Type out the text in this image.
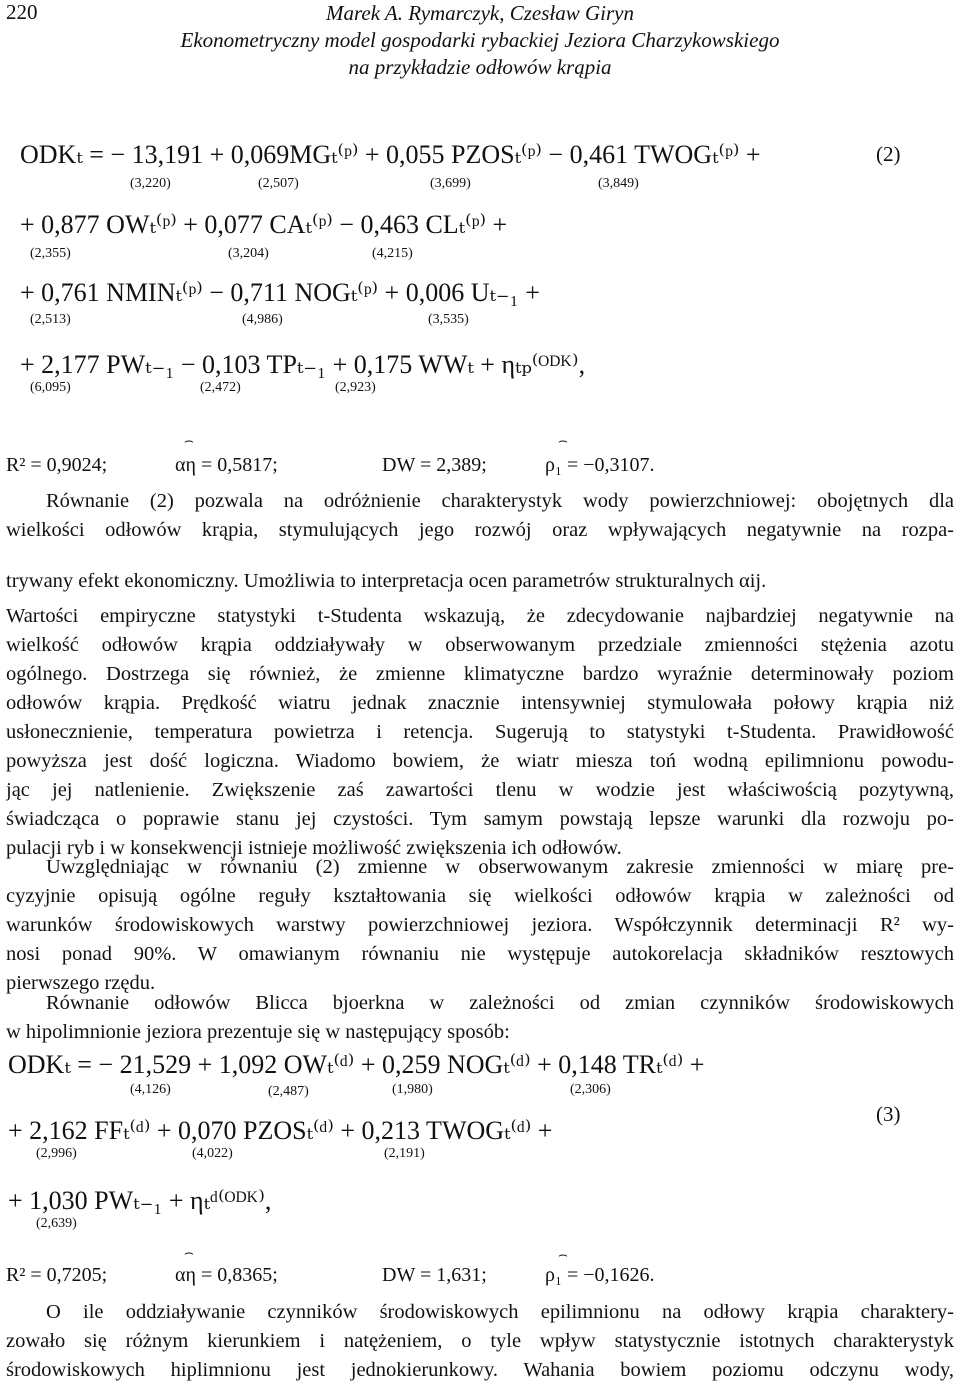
220	Marek A. Rymarczyk, Czesław Giryn
Ekonometryczny model gospodarki rybackiej Jeziora Charzykowskiego
na przykładzie odłowów krąpia
(2)
ODKₜ = − 13,191 + 0,069MGₜ⁽ᵖ⁾ + 0,055 PZOSₜ⁽ᵖ⁾ − 0,461 TWOGₜ⁽ᵖ⁾ +
(3,220)	(2,507)	(3,699)	(3,849)
+ 0,877 OWₜ⁽ᵖ⁾ + 0,077 CAₜ⁽ᵖ⁾ − 0,463 CLₜ⁽ᵖ⁾ +
(2,355)	(3,204)	(4,215)
+ 0,761 NMINₜ⁽ᵖ⁾ − 0,711 NOGₜ⁽ᵖ⁾ + 0,006 Uₜ₋₁ +
(2,513)	(4,986)	(3,535)
+ 2,177 PWₜ₋₁ − 0,103 TPₜ₋₁ + 0,175 WWₜ + ηₜₚ⁽ᴼᴰᴷ⁾,
(6,095)	(2,472)	(2,923)
⌢	⌢
R² = 0,9024;	αη = 0,5817;	DW = 2,389;	ρ₁ = −0,3107.
Równanie (2) pozwala na odróżnienie charakterystyk wody powierzchniowej: obojętnych dla
wielkości odłowów krąpia, stymulujących jego rozwój oraz wpływających negatywnie na rozpa-
trywany efekt ekonomiczny. Umożliwia to interpretacja ocen parametrów strukturalnych αij.
Wartości empiryczne statystyki t-Studenta wskazują, że zdecydowanie najbardziej negatywnie na
wielkość odłowów krąpia oddziaływały w obserwowanym przedziale zmienności stężenia azotu
ogólnego. Dostrzega się również, że zmienne klimatyczne bardzo wyraźnie determinowały poziom
odłowów krąpia. Prędkość wiatru jednak znacznie intensywniej stymulowała połowy krąpia niż
usłonecznienie, temperatura powietrza i retencja. Sugerują to statystyki t-Studenta. Prawidłowość
powyższa jest dość logiczna. Wiadomo bowiem, że wiatr miesza toń wodną epilimnionu powodu-
jąc jej natlenienie. Zwiększenie zaś zawartości tlenu w wodzie jest właściwością pozytywną,
świadcząca o poprawie stanu jej czystości. Tym samym powstają lepsze warunki dla rozwoju po-
pulacji ryb i w konsekwencji istnieje możliwość zwiększenia ich odłowów.
Uwzględniając w równaniu (2) zmienne w obserwowanym zakresie zmienności w miarę pre-
cyzyjnie opisują ogólne reguły kształtowania się wielkości odłowów krąpia w zależności od
warunków środowiskowych warstwy powierzchniowej jeziora. Współczynnik determinacji R² wy-
nosi ponad 90%. W omawianym równaniu nie występuje autokorelacja składników resztowych
pierwszego rzędu.
Równanie odłowów Blicca bjoerkna w zależności od zmian czynników środowiskowych
w hipolimnionie jeziora prezentuje się w następujący sposób:
(3)
ODKₜ = − 21,529 + 1,092 OWₜ⁽ᵈ⁾ + 0,259 NOGₜ⁽ᵈ⁾ + 0,148 TRₜ⁽ᵈ⁾ +
(4,126)	(2,487)	(1,980)	(2,306)
+ 2,162 FFₜ⁽ᵈ⁾ + 0,070 PZOSₜ⁽ᵈ⁾ + 0,213 TWOGₜ⁽ᵈ⁾ +
(2,996)	(4,022)	(2,191)
+ 1,030 PWₜ₋₁ + ηₜᵈ⁽ᴼᴰᴷ⁾,
(2,639)
⌢	⌢
R² = 0,7205;	αη = 0,8365;	DW = 1,631;	ρ₁ = −0,1626.
O ile oddziaływanie czynników środowiskowych epilimnionu na odłowy krąpia charaktery-
zowało się różnym kierunkiem i natężeniem, o tyle wpływ statystycznie istotnych charakterystyk
środowiskowych hiplimnionu jest jednokierunkowy. Wahania bowiem poziomu odczynu wody,
